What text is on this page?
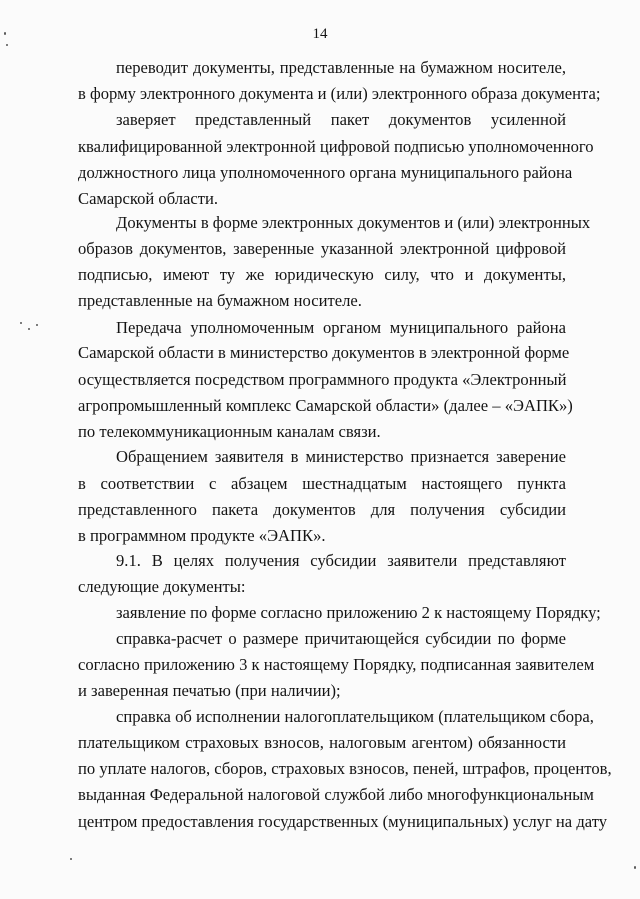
14
переводит документы, представленные на бумажном носителе,
в форму электронного документа и (или) электронного образа документа;
заверяет представленный пакет документов усиленной
квалифицированной электронной цифровой подписью уполномоченного
должностного лица уполномоченного органа муниципального района
Самарской области.
Документы в форме электронных документов и (или) электронных
образов документов, заверенные указанной электронной цифровой
подписью, имеют ту же юридическую силу, что и документы,
представленные на бумажном носителе.
Передача уполномоченным органом муниципального района
Самарской области в министерство документов в электронной форме
осуществляется посредством программного продукта «Электронный
агропромышленный комплекс Самарской области» (далее – «ЭАПК»)
по телекоммуникационным каналам связи.
Обращением заявителя в министерство признается заверение
в соответствии с абзацем шестнадцатым настоящего пункта
представленного пакета документов для получения субсидии
в программном продукте «ЭАПК».
9.1. В целях получения субсидии заявители представляют
следующие документы:
заявление по форме согласно приложению 2 к настоящему Порядку;
справка-расчет о размере причитающейся субсидии по форме
согласно приложению 3 к настоящему Порядку, подписанная заявителем
и заверенная печатью (при наличии);
справка об исполнении налогоплательщиком (плательщиком сбора,
плательщиком страховых взносов, налоговым агентом) обязанности
по уплате налогов, сборов, страховых взносов, пеней, штрафов, процентов,
выданная Федеральной налоговой службой либо многофункциональным
центром предоставления государственных (муниципальных) услуг на дату
